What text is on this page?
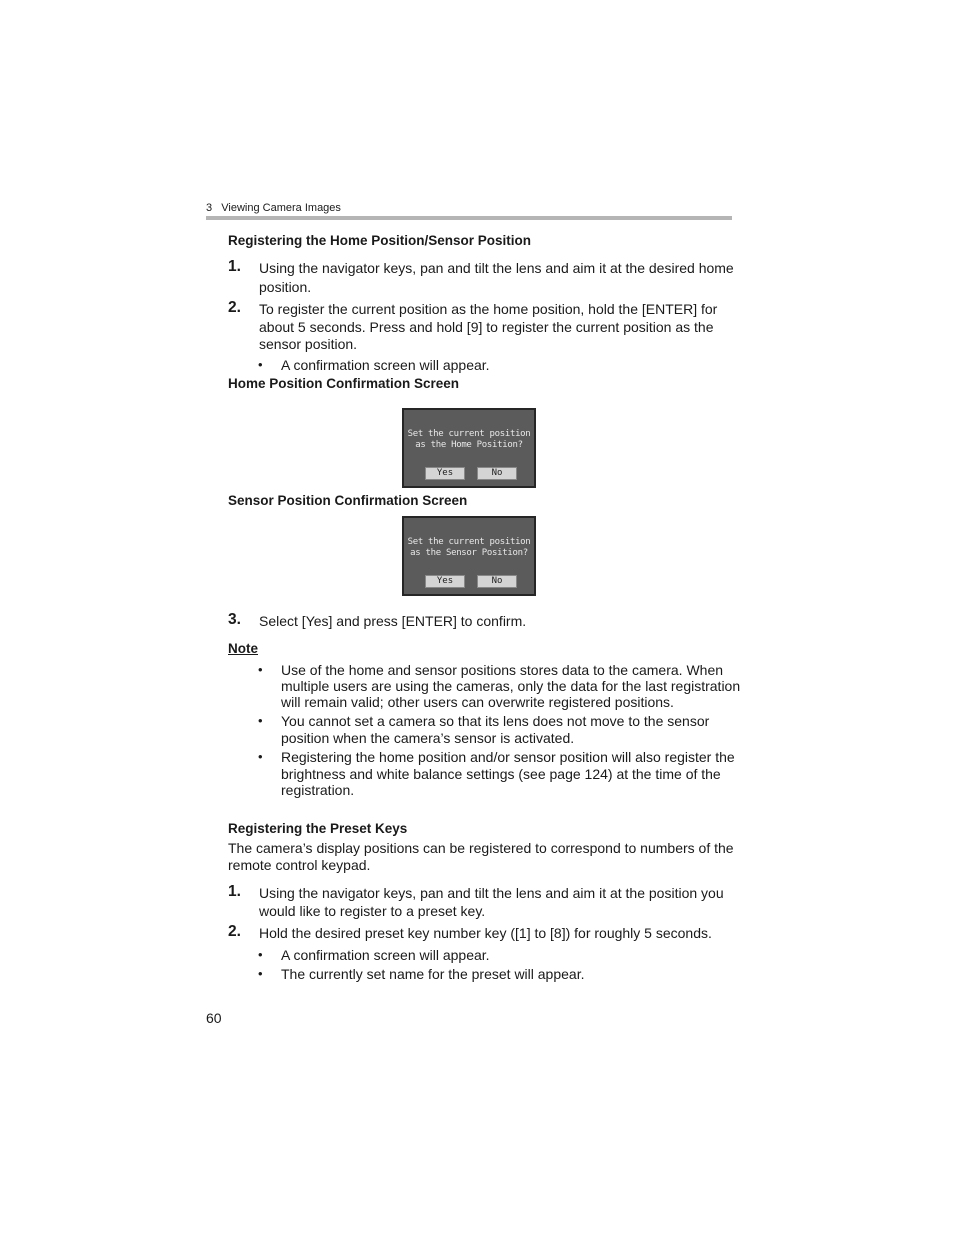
3   Viewing Camera Images
Registering the Home Position/Sensor Position
1. Using the navigator keys, pan and tilt the lens and aim it at the desired home
position.
2. To register the current position as the home position, hold the [ENTER] for
about 5 seconds. Press and hold [9] to register the current position as the
sensor position.
• A confirmation screen will appear.
Home Position Confirmation Screen
Set the current position
as the Home Position?
Yes	No
Sensor Position Confirmation Screen
Set the current position
as the Sensor Position?
Yes	No
3. Select [Yes] and press [ENTER] to confirm.
Note
• Use of the home and sensor positions stores data to the camera. When
multiple users are using the cameras, only the data for the last registration
will remain valid; other users can overwrite registered positions.
• You cannot set a camera so that its lens does not move to the sensor
position when the camera’s sensor is activated.
• Registering the home position and/or sensor position will also register the
brightness and white balance settings (see page 124) at the time of the
registration.
Registering the Preset Keys
The camera’s display positions can be registered to correspond to numbers of the
remote control keypad.
1. Using the navigator keys, pan and tilt the lens and aim it at the position you
would like to register to a preset key.
2. Hold the desired preset key number key ([1] to [8]) for roughly 5 seconds.
• A confirmation screen will appear.
• The currently set name for the preset will appear.
60
